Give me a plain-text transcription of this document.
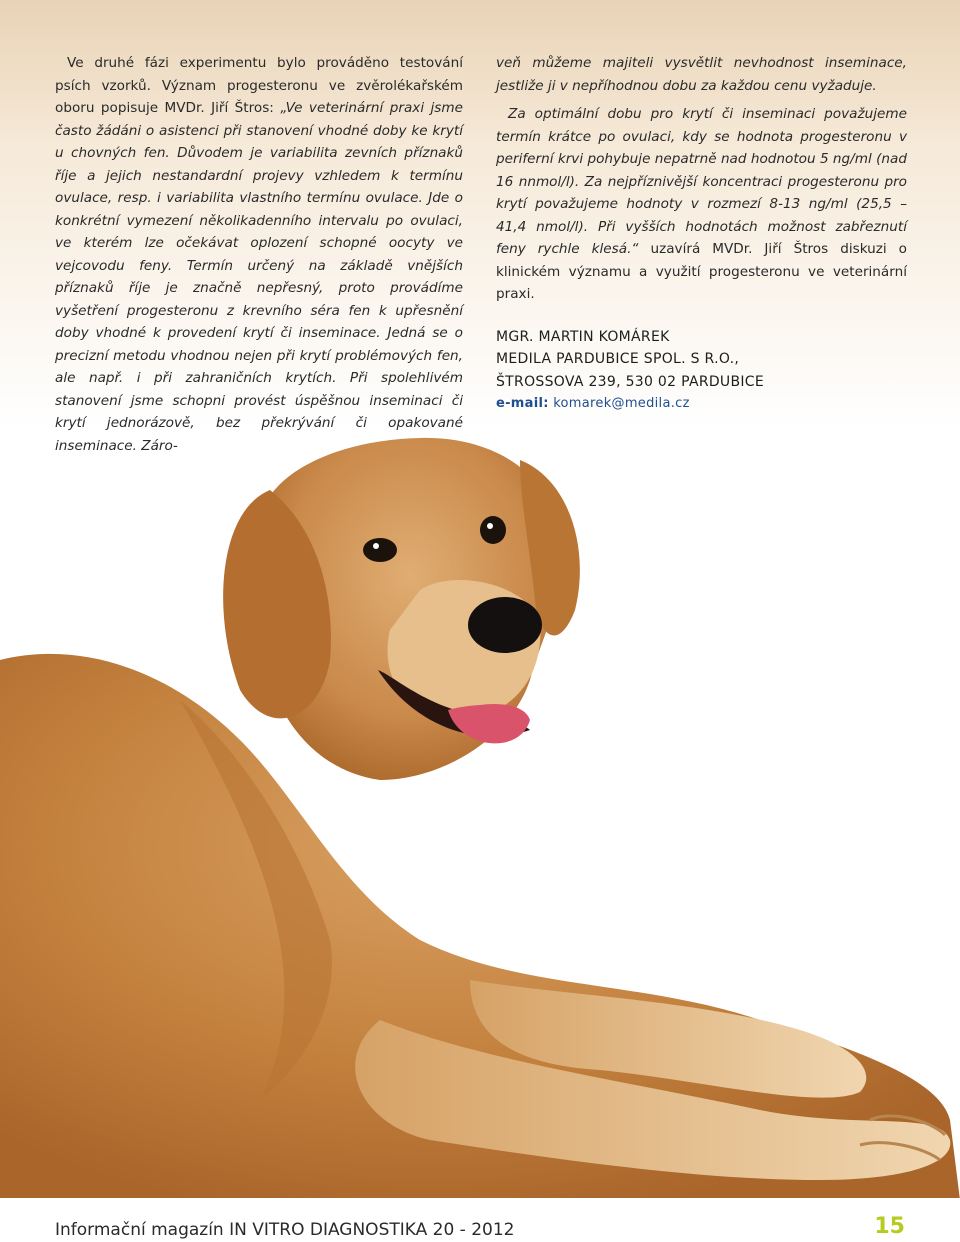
Ve druhé fázi experimentu bylo prováděno testování psích vzorků. Význam progesteronu ve zvěrolékařském oboru popisuje MVDr. Jiří Štros: „Ve veterinární praxi jsme často žádáni o asistenci při stanovení vhodné doby ke krytí u chovných fen. Důvodem je variabilita zevních příznaků říje a jejich nestandardní projevy vzhledem k termínu ovulace, resp. i variabilita vlastního termínu ovulace. Jde o konkrétní vymezení několikadenního intervalu po ovulaci, ve kterém lze očekávat oplození schopné oocyty ve vejcovodu feny. Termín určený na základě vnějších příznaků říje je značně nepřesný, proto provádíme vyšetření progesteronu z krevního séra fen k upřesnění doby vhodné k provedení krytí či inseminace. Jedná se o precizní metodu vhodnou nejen při krytí problémových fen, ale např. i při zahraničních krytích. Při spolehlivém stanovení jsme schopni provést úspěšnou inseminaci či krytí jednorázově, bez překrývání či opakované inseminace. Záro-

veň můžeme majiteli vysvětlit nevhodnost inseminace, jestliže ji v nepříhodnou dobu za každou cenu vyžaduje.

Za optimální dobu pro krytí či inseminaci považujeme termín krátce po ovulaci, kdy se hodnota progesteronu v periferní krvi pohybuje nepatrně nad hodnotou 5 ng/ml (nad 16 nnmol/l). Za nejpříznivější koncentraci progesteronu pro krytí považujeme hodnoty v rozmezí 8-13 ng/ml (25,5 – 41,4 nmol/l). Při vyšších hodnotách možnost zabřeznutí feny rychle klesá.“ uzavírá MVDr. Jiří Štros diskuzi o klinickém významu a využití progesteronu ve veterinární praxi.

MGR. MARTIN KOMÁREK
MEDILA PARDUBICE SPOL. S R.O.,
ŠTROSSOVA 239, 530 02 PARDUBICE
e-mail: komarek@medila.cz
Informační magazín IN VITRO DIAGNOSTIKA 20 - 2012	15
